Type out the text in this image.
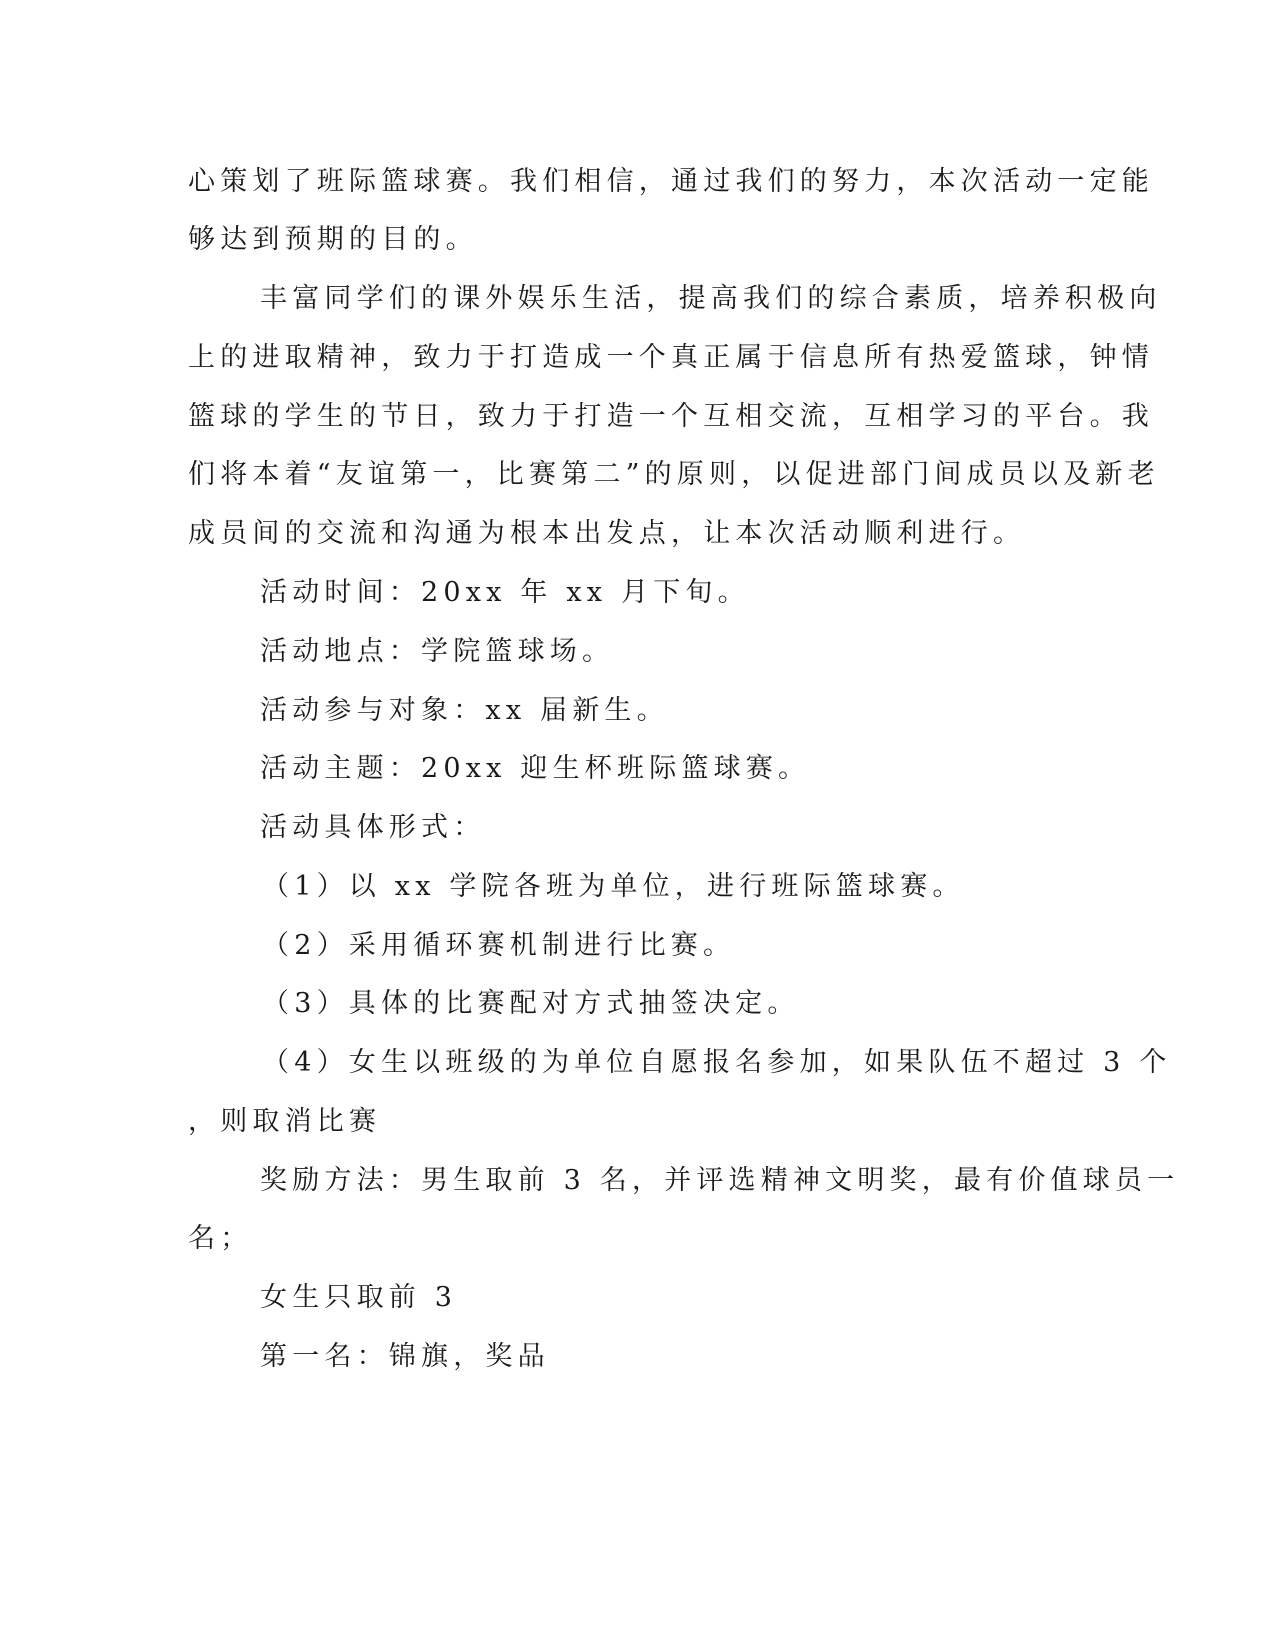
心策划了班际篮球赛。我们相信，通过我们的努力，本次活动一定能
够达到预期的目的。
丰富同学们的课外娱乐生活，提高我们的综合素质，培养积极向
上的进取精神，致力于打造成一个真正属于信息所有热爱篮球，钟情
篮球的学生的节日，致力于打造一个互相交流，互相学习的平台。我
们将本着“友谊第一，比赛第二”的原则，以促进部门间成员以及新老
成员间的交流和沟通为根本出发点，让本次活动顺利进行。
活动时间：20xx 年 xx 月下旬。
活动地点：学院篮球场。
活动参与对象：xx 届新生。
活动主题：20xx 迎生杯班际篮球赛。
活动具体形式：
（1）以 xx 学院各班为单位，进行班际篮球赛。
（2）采用循环赛机制进行比赛。
（3）具体的比赛配对方式抽签决定。
（4）女生以班级的为单位自愿报名参加，如果队伍不超过 3 个
，则取消比赛
奖励方法：男生取前 3 名，并评选精神文明奖，最有价值球员一
名；
女生只取前 3
第一名：锦旗，奖品
